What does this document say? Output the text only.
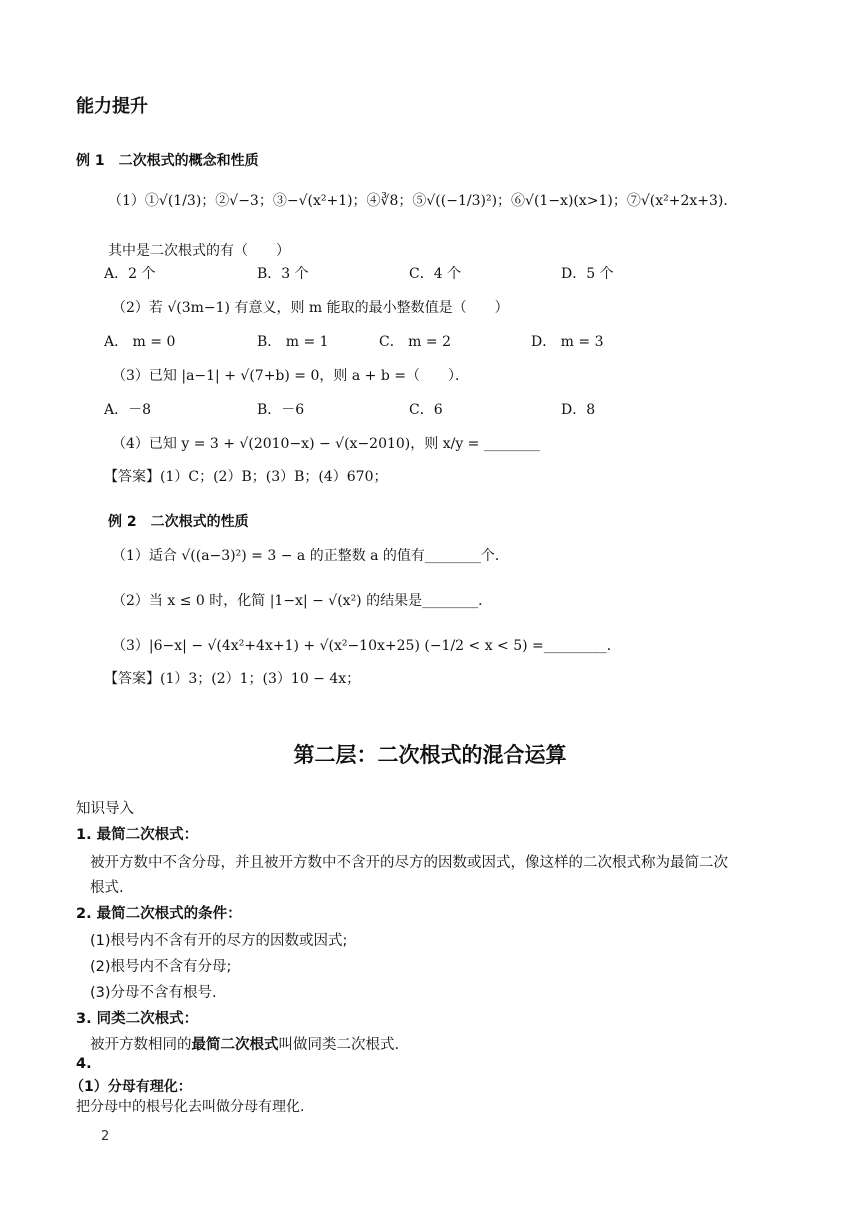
能力提升
例 1　二次根式的概念和性质
（1）①√(1/3)；②√−3；③−√(x²+1)；④∛8；⑤√((−1/3)²)；⑥√(1−x)(x>1)；⑦√(x²+2x+3)．
其中是二次根式的有（　　）
A．2 个	B．3 个	C．4 个	D．5 个
（2）若 √(3m−1) 有意义，则 m 能取的最小整数值是（　　）
A． m = 0	B． m = 1	C． m = 2	D． m = 3
（3）已知 |a−1| + √(7+b) = 0，则 a + b =（　　）．
A．－8	B．－6	C．6	D．8
（4）已知 y = 3 + √(2010−x) − √(x−2010)，则 x/y = ________
【答案】(1）C；(2）B；(3）B；(4）670；
例 2　二次根式的性质
（1）适合 √((a−3)²) = 3 − a 的正整数 a 的值有________个．
（2）当 x ≤ 0 时，化简 |1−x| − √(x²) 的结果是________．
（3）|6−x| − √(4x²+4x+1) + √(x²−10x+25) (−1/2 < x < 5) =_________．
【答案】(1）3；(2）1；(3）10 − 4x；
第二层：二次根式的混合运算
知识导入
1. 最简二次根式：
被开方数中不含分母，并且被开方数中不含开的尽方的因数或因式，像这样的二次根式称为最简二次
根式.
2. 最简二次根式的条件：
(1)根号内不含有开的尽方的因数或因式;
(2)根号内不含有分母;
(3)分母不含有根号.
3. 同类二次根式：
被开方数相同的最简二次根式叫做同类二次根式.
4.
（1）分母有理化：
把分母中的根号化去叫做分母有理化.
2
